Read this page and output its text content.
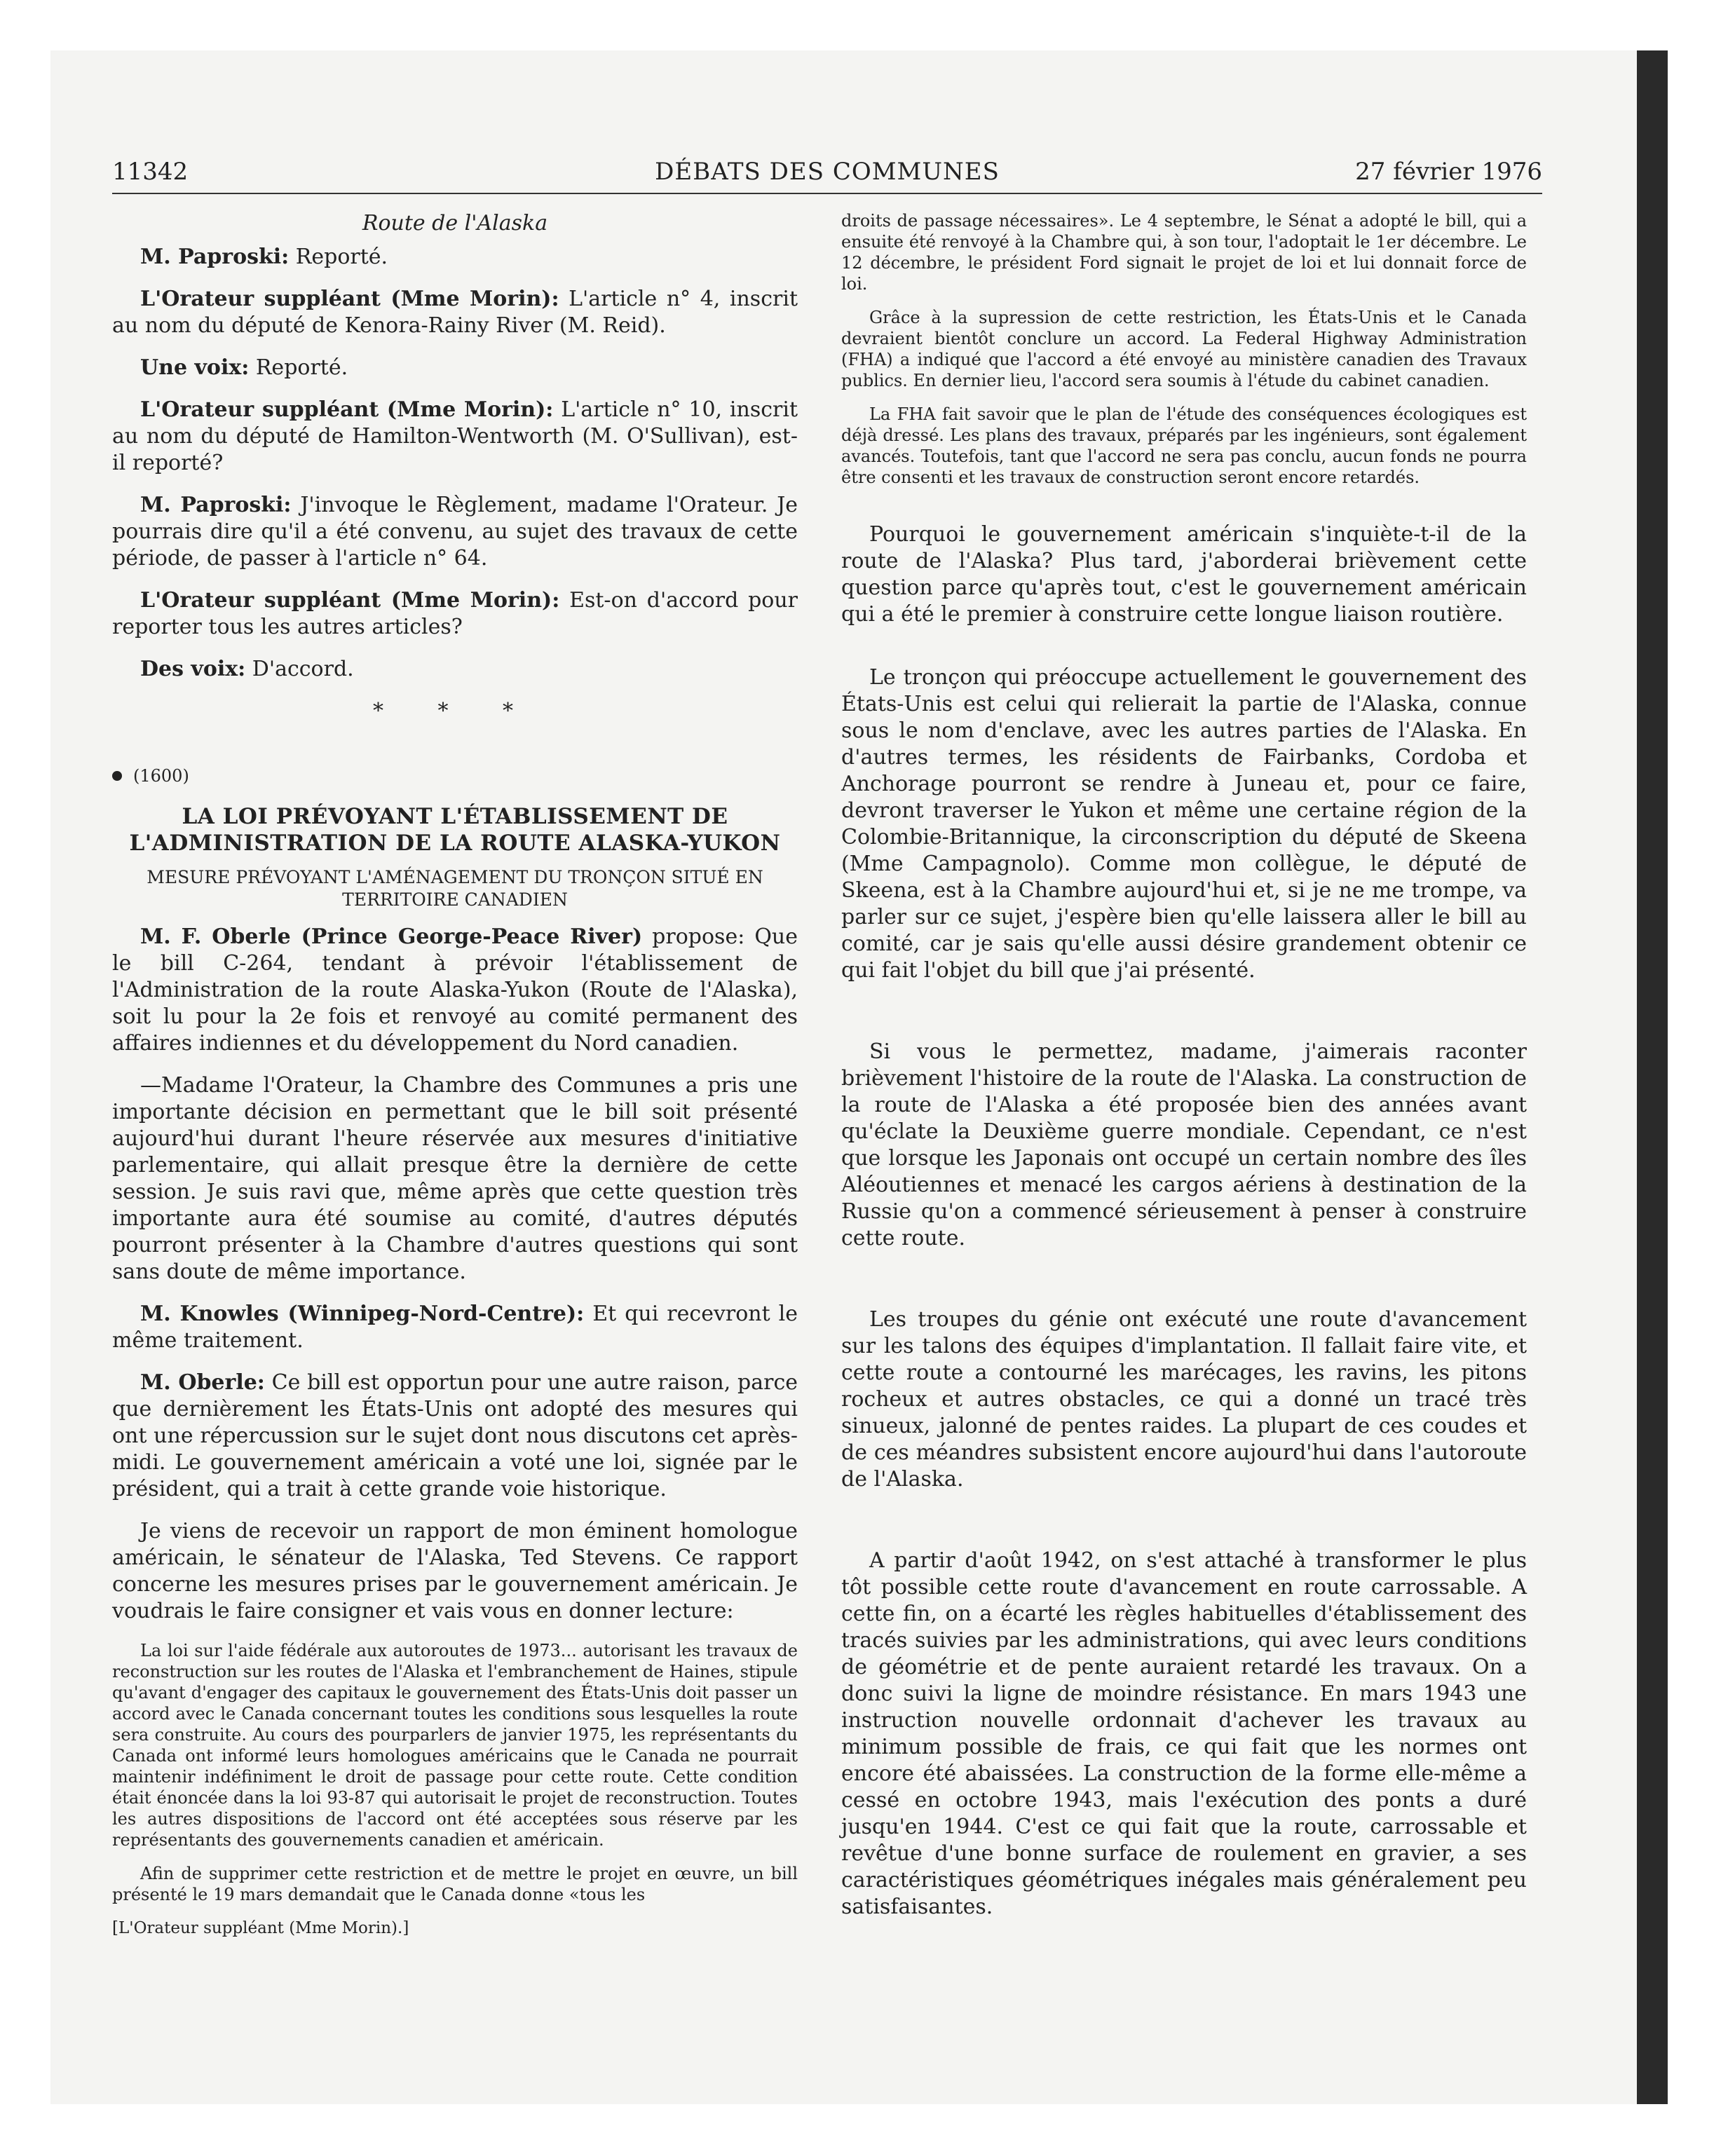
11342	DÉBATS DES COMMUNES	27 février 1976

Route de l'Alaska

M. Paproski: Reporté.

L'Orateur suppléant (Mme Morin): L'article n° 4, inscrit au nom du député de Kenora-Rainy River (M. Reid).

Une voix: Reporté.

L'Orateur suppléant (Mme Morin): L'article n° 10, inscrit au nom du député de Hamilton-Wentworth (M. O'Sullivan), est-il reporté?

M. Paproski: J'invoque le Règlement, madame l'Orateur. Je pourrais dire qu'il a été convenu, au sujet des travaux de cette période, de passer à l'article n° 64.

L'Orateur suppléant (Mme Morin): Est-on d'accord pour reporter tous les autres articles?

Des voix: D'accord.

* * *

(1600)

LA LOI PRÉVOYANT L'ÉTABLISSEMENT DE L'ADMINISTRATION DE LA ROUTE ALASKA-YUKON

MESURE PRÉVOYANT L'AMÉNAGEMENT DU TRONÇON SITUÉ EN TERRITOIRE CANADIEN

M. F. Oberle (Prince George-Peace River) propose: Que le bill C-264, tendant à prévoir l'établissement de l'Administration de la route Alaska-Yukon (Route de l'Alaska), soit lu pour la 2e fois et renvoyé au comité permanent des affaires indiennes et du développement du Nord canadien.

—Madame l'Orateur, la Chambre des Communes a pris une importante décision en permettant que le bill soit présenté aujourd'hui durant l'heure réservée aux mesures d'initiative parlementaire, qui allait presque être la dernière de cette session. Je suis ravi que, même après que cette question très importante aura été soumise au comité, d'autres députés pourront présenter à la Chambre d'autres questions qui sont sans doute de même importance.

M. Knowles (Winnipeg-Nord-Centre): Et qui recevront le même traitement.

M. Oberle: Ce bill est opportun pour une autre raison, parce que dernièrement les États-Unis ont adopté des mesures qui ont une répercussion sur le sujet dont nous discutons cet après-midi. Le gouvernement américain a voté une loi, signée par le président, qui a trait à cette grande voie historique.

Je viens de recevoir un rapport de mon éminent homologue américain, le sénateur de l'Alaska, Ted Stevens. Ce rapport concerne les mesures prises par le gouvernement américain. Je voudrais le faire consigner et vais vous en donner lecture:

La loi sur l'aide fédérale aux autoroutes de 1973... autorisant les travaux de reconstruction sur les routes de l'Alaska et l'embranchement de Haines, stipule qu'avant d'engager des capitaux le gouvernement des États-Unis doit passer un accord avec le Canada concernant toutes les conditions sous lesquelles la route sera construite. Au cours des pourparlers de janvier 1975, les représentants du Canada ont informé leurs homologues américains que le Canada ne pourrait maintenir indéfiniment le droit de passage pour cette route. Cette condition était énoncée dans la loi 93-87 qui autorisait le projet de reconstruction. Toutes les autres dispositions de l'accord ont été acceptées sous réserve par les représentants des gouvernements canadien et américain.

Afin de supprimer cette restriction et de mettre le projet en œuvre, un bill présenté le 19 mars demandait que le Canada donne «tous les

[L'Orateur suppléant (Mme Morin).]

droits de passage nécessaires». Le 4 septembre, le Sénat a adopté le bill, qui a ensuite été renvoyé à la Chambre qui, à son tour, l'adoptait le 1er décembre. Le 12 décembre, le président Ford signait le projet de loi et lui donnait force de loi.

Grâce à la supression de cette restriction, les États-Unis et le Canada devraient bientôt conclure un accord. La Federal Highway Administration (FHA) a indiqué que l'accord a été envoyé au ministère canadien des Travaux publics. En dernier lieu, l'accord sera soumis à l'étude du cabinet canadien.

La FHA fait savoir que le plan de l'étude des conséquences écologiques est déjà dressé. Les plans des travaux, préparés par les ingénieurs, sont également avancés. Toutefois, tant que l'accord ne sera pas conclu, aucun fonds ne pourra être consenti et les travaux de construction seront encore retardés.

Pourquoi le gouvernement américain s'inquiète-t-il de la route de l'Alaska? Plus tard, j'aborderai brièvement cette question parce qu'après tout, c'est le gouvernement américain qui a été le premier à construire cette longue liaison routière.

Le tronçon qui préoccupe actuellement le gouvernement des États-Unis est celui qui relierait la partie de l'Alaska, connue sous le nom d'enclave, avec les autres parties de l'Alaska. En d'autres termes, les résidents de Fairbanks, Cordoba et Anchorage pourront se rendre à Juneau et, pour ce faire, devront traverser le Yukon et même une certaine région de la Colombie-Britannique, la circonscription du député de Skeena (Mme Campagnolo). Comme mon collègue, le député de Skeena, est à la Chambre aujourd'hui et, si je ne me trompe, va parler sur ce sujet, j'espère bien qu'elle laissera aller le bill au comité, car je sais qu'elle aussi désire grandement obtenir ce qui fait l'objet du bill que j'ai présenté.

Si vous le permettez, madame, j'aimerais raconter brièvement l'histoire de la route de l'Alaska. La construction de la route de l'Alaska a été proposée bien des années avant qu'éclate la Deuxième guerre mondiale. Cependant, ce n'est que lorsque les Japonais ont occupé un certain nombre des îles Aléoutiennes et menacé les cargos aériens à destination de la Russie qu'on a commencé sérieusement à penser à construire cette route.

Les troupes du génie ont exécuté une route d'avancement sur les talons des équipes d'implantation. Il fallait faire vite, et cette route a contourné les marécages, les ravins, les pitons rocheux et autres obstacles, ce qui a donné un tracé très sinueux, jalonné de pentes raides. La plupart de ces coudes et de ces méandres subsistent encore aujourd'hui dans l'autoroute de l'Alaska.

A partir d'août 1942, on s'est attaché à transformer le plus tôt possible cette route d'avancement en route carrossable. A cette fin, on a écarté les règles habituelles d'établissement des tracés suivies par les administrations, qui avec leurs conditions de géométrie et de pente auraient retardé les travaux. On a donc suivi la ligne de moindre résistance. En mars 1943 une instruction nouvelle ordonnait d'achever les travaux au minimum possible de frais, ce qui fait que les normes ont encore été abaissées. La construction de la forme elle-même a cessé en octobre 1943, mais l'exécution des ponts a duré jusqu'en 1944. C'est ce qui fait que la route, carrossable et revêtue d'une bonne surface de roulement en gravier, a ses caractéristiques géométriques inégales mais généralement peu satisfaisantes.
